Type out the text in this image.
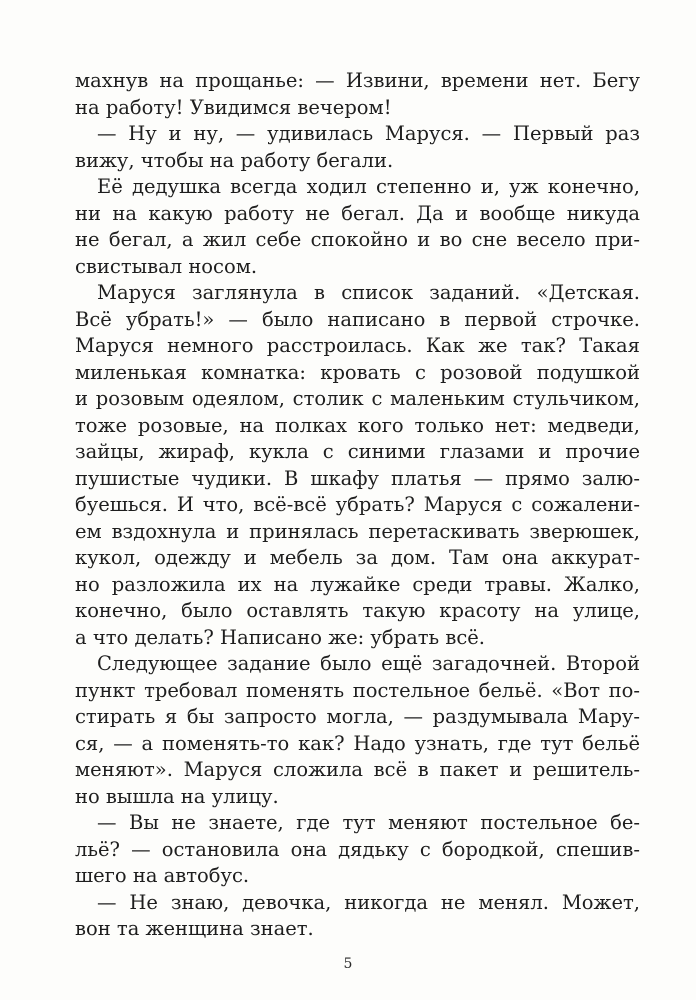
махнув на прощанье: — Извини, времени нет. Бегу
на работу! Увидимся вечером!
— Ну и ну, — удивилась Маруся. — Первый раз
вижу, чтобы на работу бегали.
Её дедушка всегда ходил степенно и, уж конечно,
ни на какую работу не бегал. Да и вообще никуда
не бегал, а жил себе спокойно и во сне весело при-
свистывал носом.
Маруся заглянула в список заданий. «Детская.
Всё убрать!» — было написано в первой строчке.
Маруся немного расстроилась. Как же так? Такая
миленькая комнатка: кровать с розовой подушкой
и розовым одеялом, столик с маленьким стульчиком,
тоже розовые, на полках кого только нет: медведи,
зайцы, жираф, кукла с синими глазами и прочие
пушистые чудики. В шкафу платья — прямо залю-
буешься. И что, всё-всё убрать? Маруся с сожалени-
ем вздохнула и принялась перетаскивать зверюшек,
кукол, одежду и мебель за дом. Там она аккурат-
но разложила их на лужайке среди травы. Жалко,
конечно, было оставлять такую красоту на улице,
а что делать? Написано же: убрать всё.
Следующее задание было ещё загадочней. Второй
пункт требовал поменять постельное бельё. «Вот по-
стирать я бы запросто могла, — раздумывала Мару-
ся, — а поменять-то как? Надо узнать, где тут бельё
меняют». Маруся сложила всё в пакет и решитель-
но вышла на улицу.
— Вы не знаете, где тут меняют постельное бе-
льё? — остановила она дядьку с бородкой, спешив-
шего на автобус.
— Не знаю, девочка, никогда не менял. Может,
вон та женщина знает.
5
